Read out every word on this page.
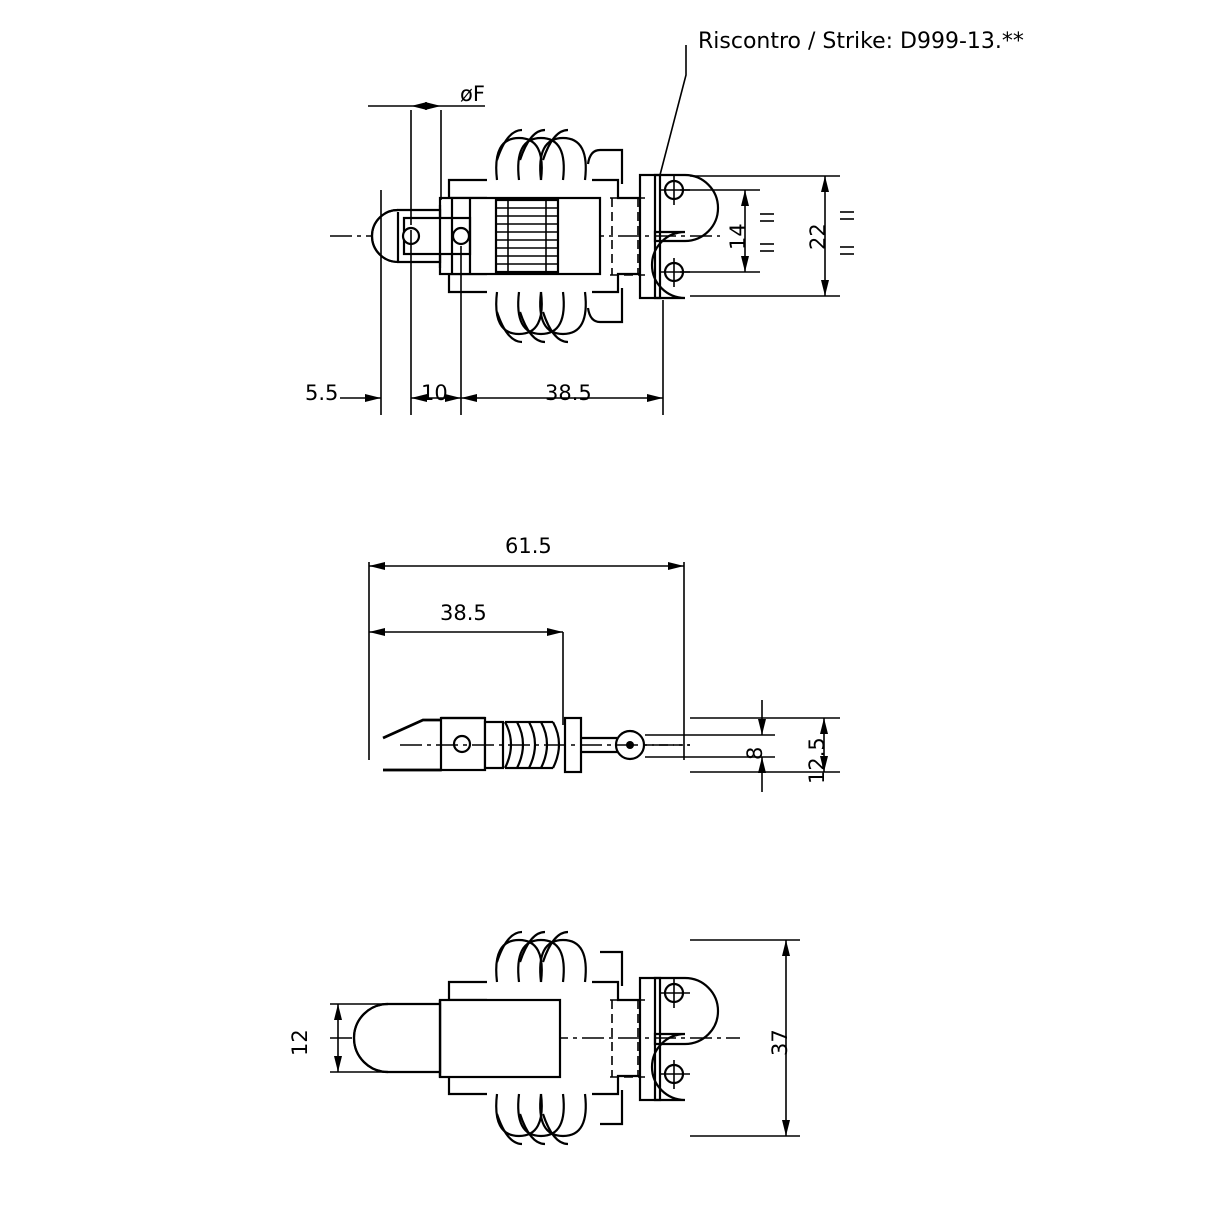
Riscontro / Strike: D999-13.**
øF
5.5	10	38.5
14	22
61.5
38.5
8 12.5
12	37
